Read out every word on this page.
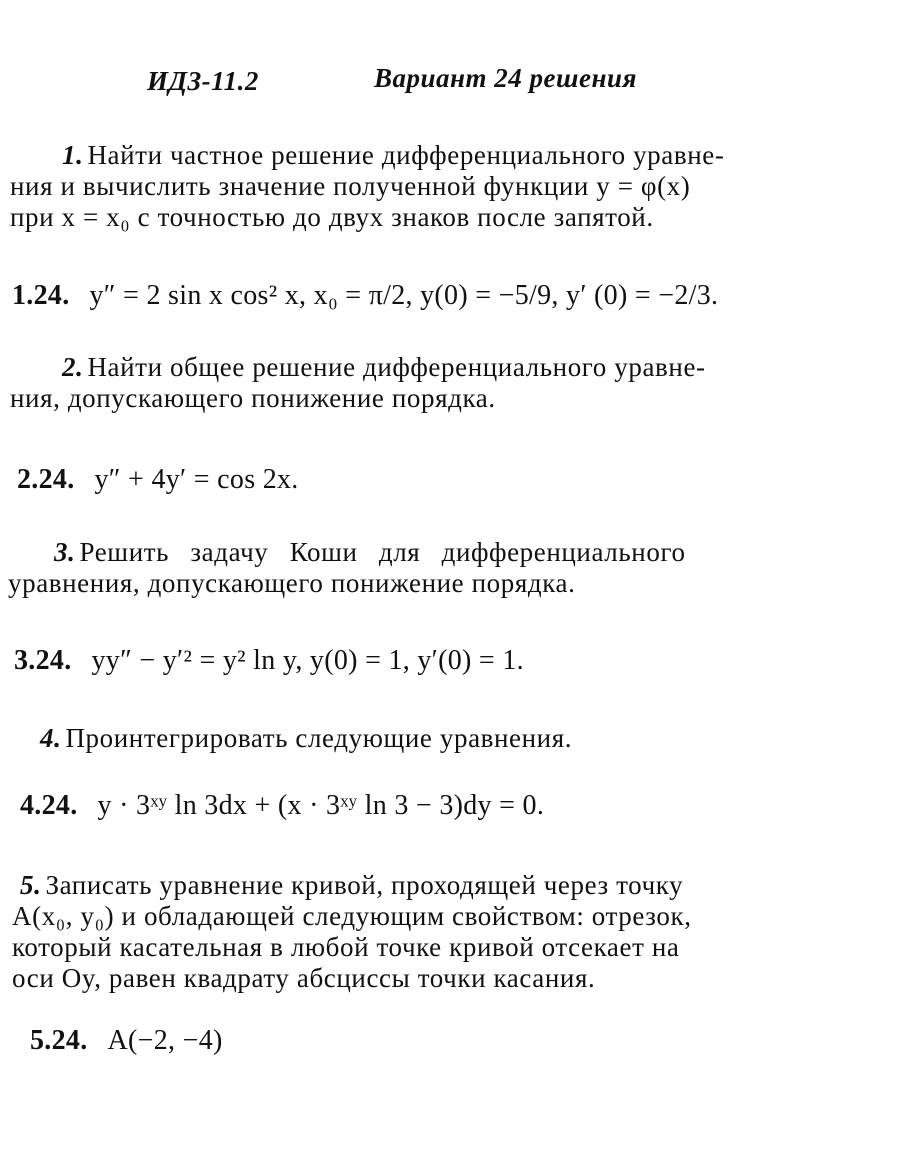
ИДЗ-11.2	Вариант 24 решения
1. Найти частное решение дифференциального уравне-
ния и вычислить значение полученной функции y = φ(x)
при x = x₀ с точностью до двух знаков после запятой.
1.24. y″ = 2 sin x cos² x, x₀ = π/2, y(0) = −5/9, y′ (0) = −2/3.
2. Найти общее решение дифференциального уравне-
ния, допускающего понижение порядка.
2.24. y″ + 4y′ = cos 2x.
3. Решить задачу Коши для дифференциального
уравнения, допускающего понижение порядка.
3.24. yy″ − y′² = y² ln y, y(0) = 1, y′(0) = 1.
4. Проинтегрировать следующие уравнения.
4.24. y · 3ˣʸ ln 3dx + (x · 3ˣʸ ln 3 − 3)dy = 0.
5. Записать уравнение кривой, проходящей через точку
A(x₀, y₀) и обладающей следующим свойством: отрезок,
который касательная в любой точке кривой отсекает на
оси Oy, равен квадрату абсциссы точки касания.
5.24. A(−2, −4)
